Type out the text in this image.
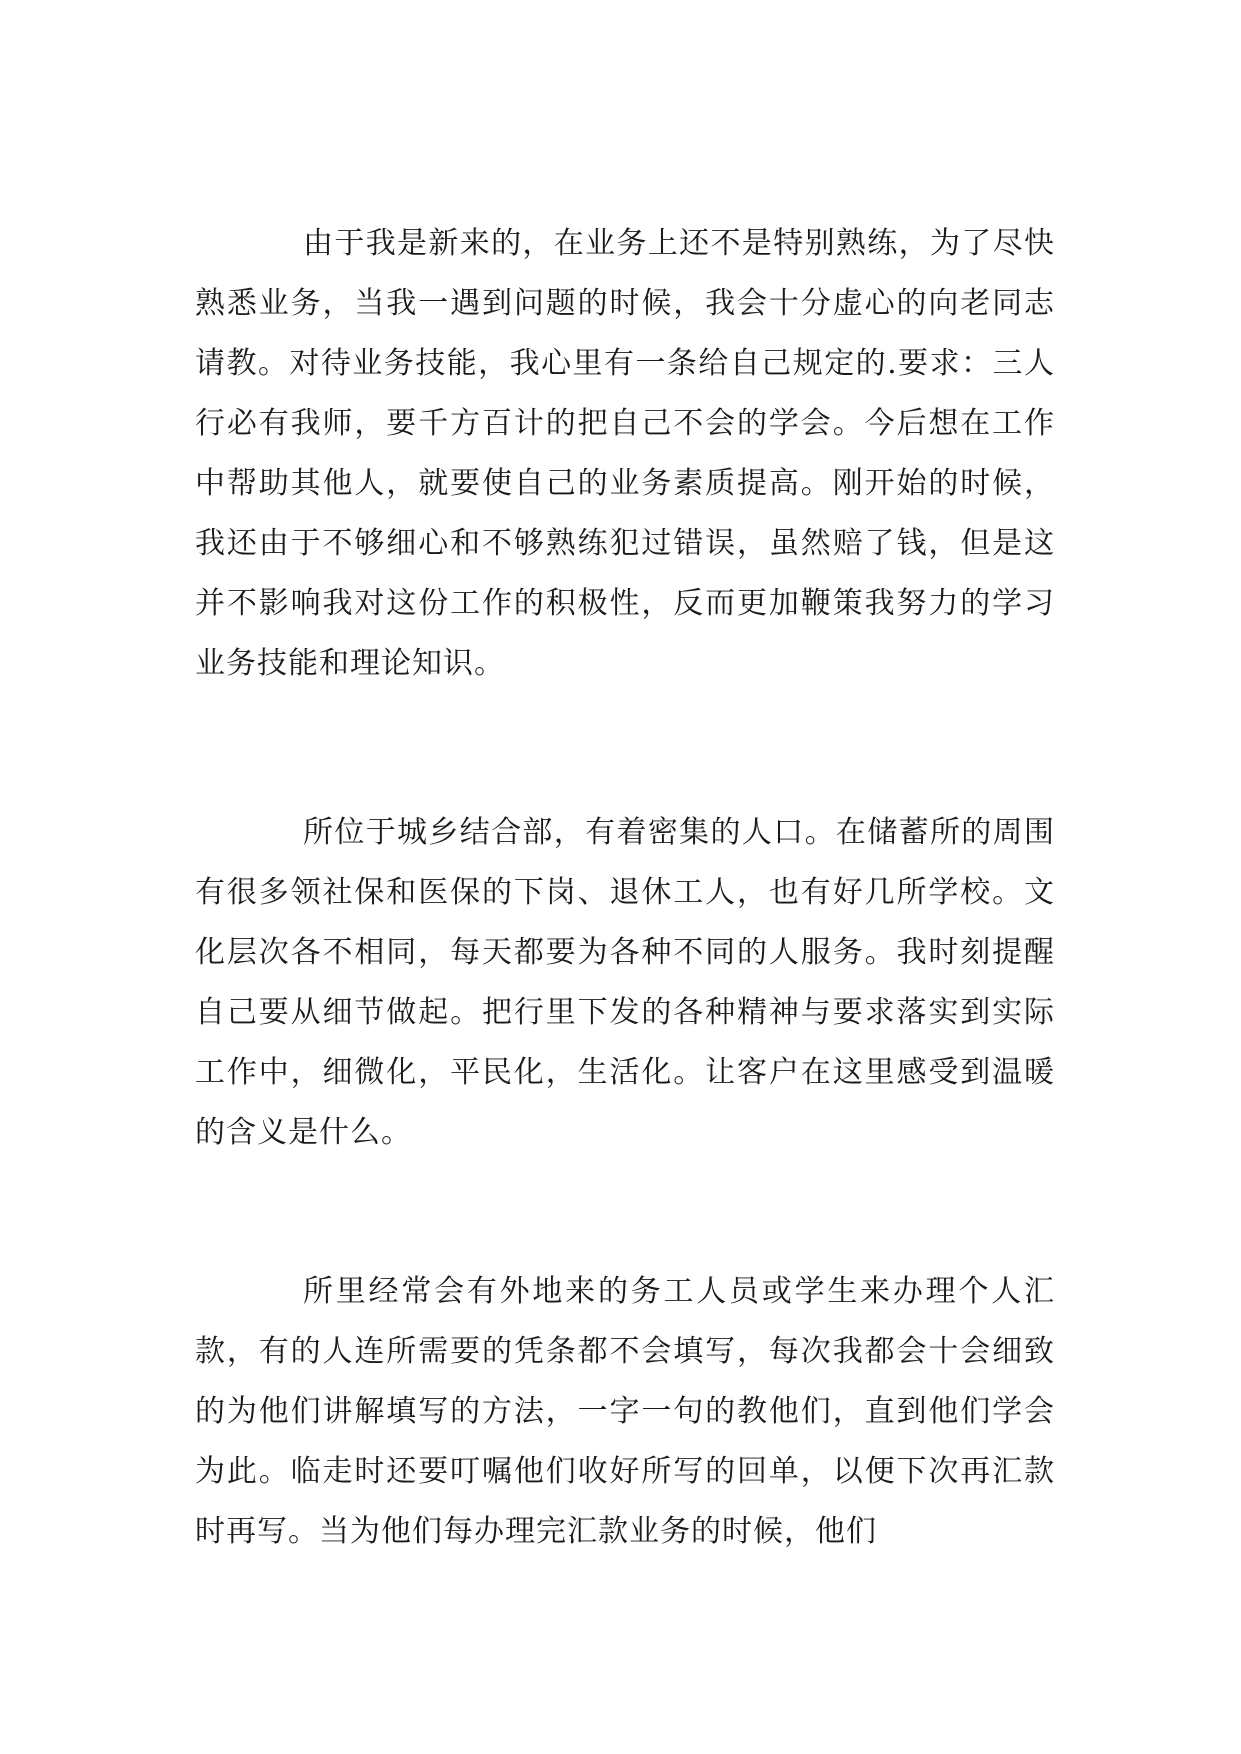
由于我是新来的，在业务上还不是特别熟练，为了尽快熟悉业务，当我一遇到问题的时候，我会十分虚心的向老同志请教。对待业务技能，我心里有一条给自己规定的.要求：三人行必有我师，要千方百计的把自己不会的学会。今后想在工作中帮助其他人，就要使自己的业务素质提高。刚开始的时候，我还由于不够细心和不够熟练犯过错误，虽然赔了钱，但是这并不影响我对这份工作的积极性，反而更加鞭策我努力的学习业务技能和理论知识。

所位于城乡结合部，有着密集的人口。在储蓄所的周围有很多领社保和医保的下岗、退休工人，也有好几所学校。文化层次各不相同，每天都要为各种不同的人服务。我时刻提醒自己要从细节做起。把行里下发的各种精神与要求落实到实际工作中，细微化，平民化，生活化。让客户在这里感受到温暖的含义是什么。

所里经常会有外地来的务工人员或学生来办理个人汇款，有的人连所需要的凭条都不会填写，每次我都会十会细致的为他们讲解填写的方法，一字一句的教他们，直到他们学会为此。临走时还要叮嘱他们收好所写的回单，以便下次再汇款时再写。当为他们每办理完汇款业务的时候，他们
